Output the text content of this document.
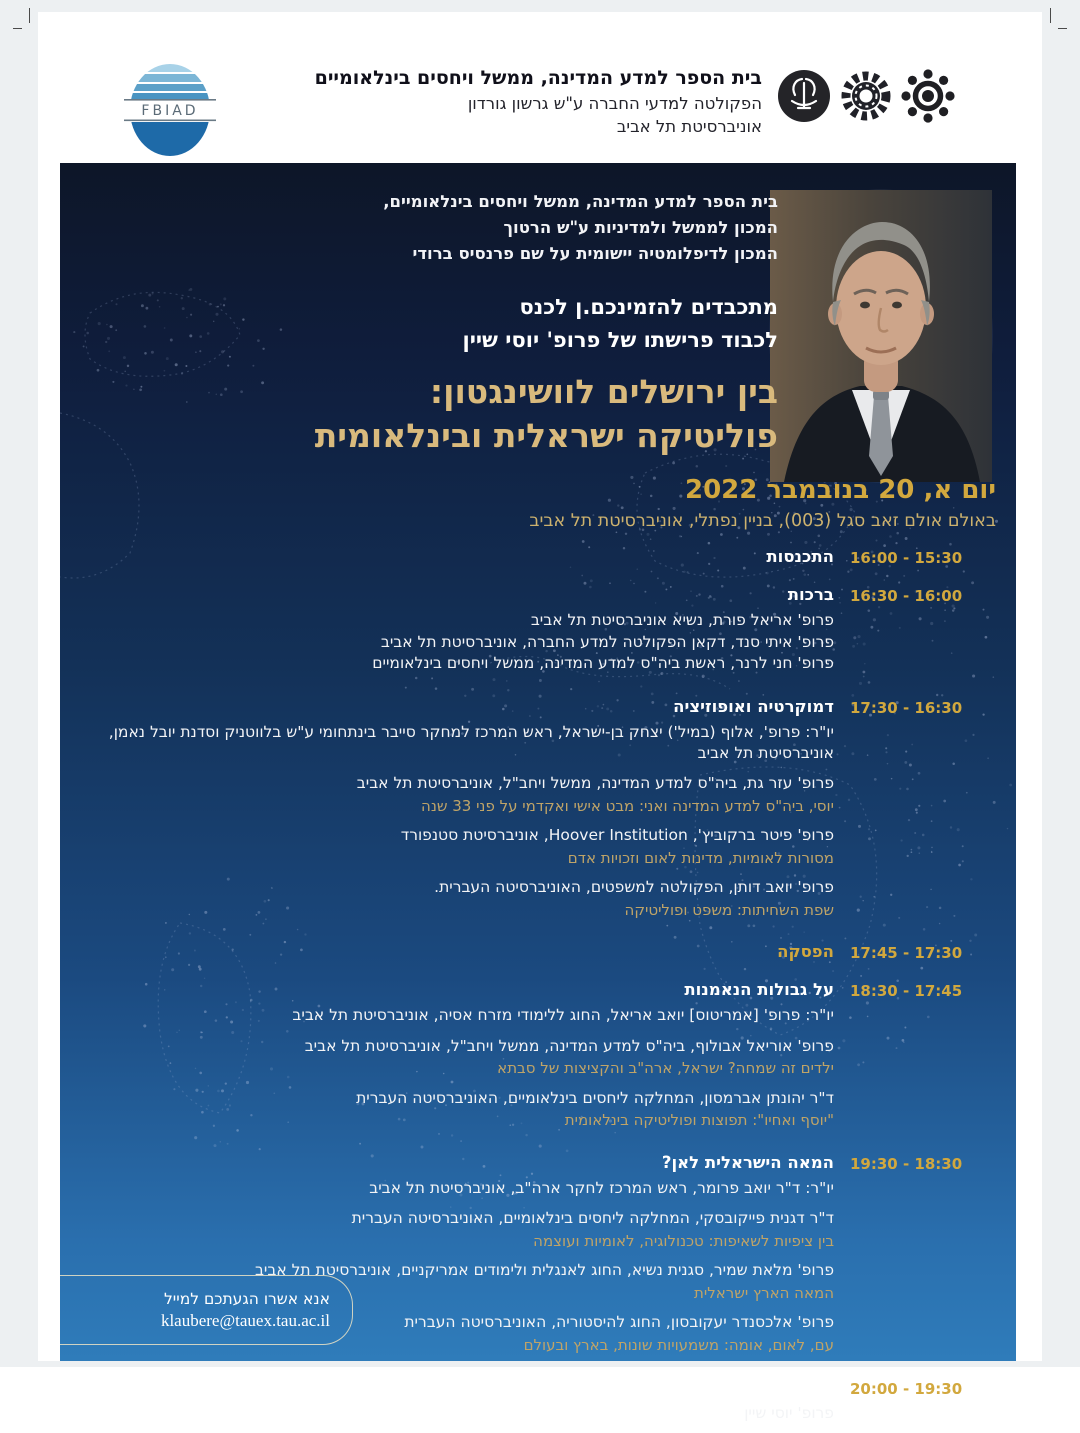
FBIAD
בית הספר למדע המדינה, ממשל ויחסים בינלאומיים
הפקולטה למדעי החברה ע"ש גרשון גורדון
אוניברסיטת תל אביב
בית הספר למדע המדינה, ממשל ויחסים בינלאומיים,
המכון לממשל ולמדיניות ע"ש הרטוך
המכון לדיפלומטיה יישומית על שם פרנסיס ברודי
מתכבדים להזמינכם.ן לכנס
לכבוד פרישתו של פרופ' יוסי שיין
בין ירושלים לוושינגטון:
פוליטיקה ישראלית ובינלאומית
יום א, 20 בנובמבר 2022
באולם אולם זאב סגל (003), בניין נפתלי, אוניברסיטת תל אביב
16:00 - 15:30
התכנסות
16:30 - 16:00
ברכות
פרופ' אריאל פורת, נשיא אוניברסיטת תל אביב
פרופ' איתי סנד, דקאן הפקולטה למדע החברה, אוניברסיטת תל אביב
פרופ' חני לרנר, ראשת ביה"ס למדע המדינה, ממשל ויחסים בינלאומיים
17:30 - 16:30
דמוקרטיה ואופוזיציה
יו"ר: פרופ', אלוף (במיל') יצחק בן-ישראל, ראש המרכז למחקר סייבר בינתחומי ע"ש בלווטניק וסדנת יובל נאמן, אוניברסיטת תל אביב
פרופ' עזר גת, ביה"ס למדע המדינה, ממשל ויחב"ל, אוניברסיטת תל אביב
יוסי, ביה"ס למדע המדינה ואני: מבט אישי ואקדמי על פני 33 שנה
פרופ' פיטר ברקוביץ', Hoover Institution, אוניברסיטת סטנפורד
מסורות לאומיות, מדינות לאום וזכויות אדם
פרופ' יואב דותן, הפקולטה למשפטים, האוניברסיטה העברית.
שפת השחיתות: משפט ופוליטיקה
17:45 - 17:30
הפסקה
18:30 - 17:45
על גבולות הנאמנות
יו"ר: פרופ' [אמריטוס] יואב אריאל, החוג ללימודי מזרח אסיה, אוניברסיטת תל אביב
פרופ' אוריאל אבולוף, ביה"ס למדע המדינה, ממשל ויחב"ל, אוניברסיטת תל אביב
ילדים זה שמחה? ישראל, ארה"ב והקציצות של סבתא
ד"ר יהונתן אברמסון, המחלקה ליחסים בינלאומיים, האוניברסיטה העברית
"יוסף ואחיו": תפוצות ופוליטיקה בינלאומית
19:30 - 18:30
המאה הישראלית לאן?
יו"ר: ד"ר יואב פרומר, ראש המרכז לחקר ארה"ב, אוניברסיטת תל אביב
ד"ר דגנית פייקובסקי, המחלקה ליחסים בינלאומיים, האוניברסיטה העברית
בין ציפיות לשאיפות: טכנולוגיה, לאומיות ועוצמה
פרופ' מלאת שמיר, סגנית נשיא, החוג לאנגלית ולימודים אמריקניים, אוניברסיטת תל אביב
המאה הארץ ישראלית
פרופ' אלכסנדר יעקובסון, החוג להיסטוריה, האוניברסיטה העברית
עם, לאום, אומה: משמעויות שונות, בארץ ובעולם
20:00 - 19:30
פוליטיקה ישראלית ובינלאומית: בין אקדמיה לפרקטיקה
פרופ' יוסי שיין
אנא אשרו הגעתכם למייל
klaubere@tauex.tau.ac.il
